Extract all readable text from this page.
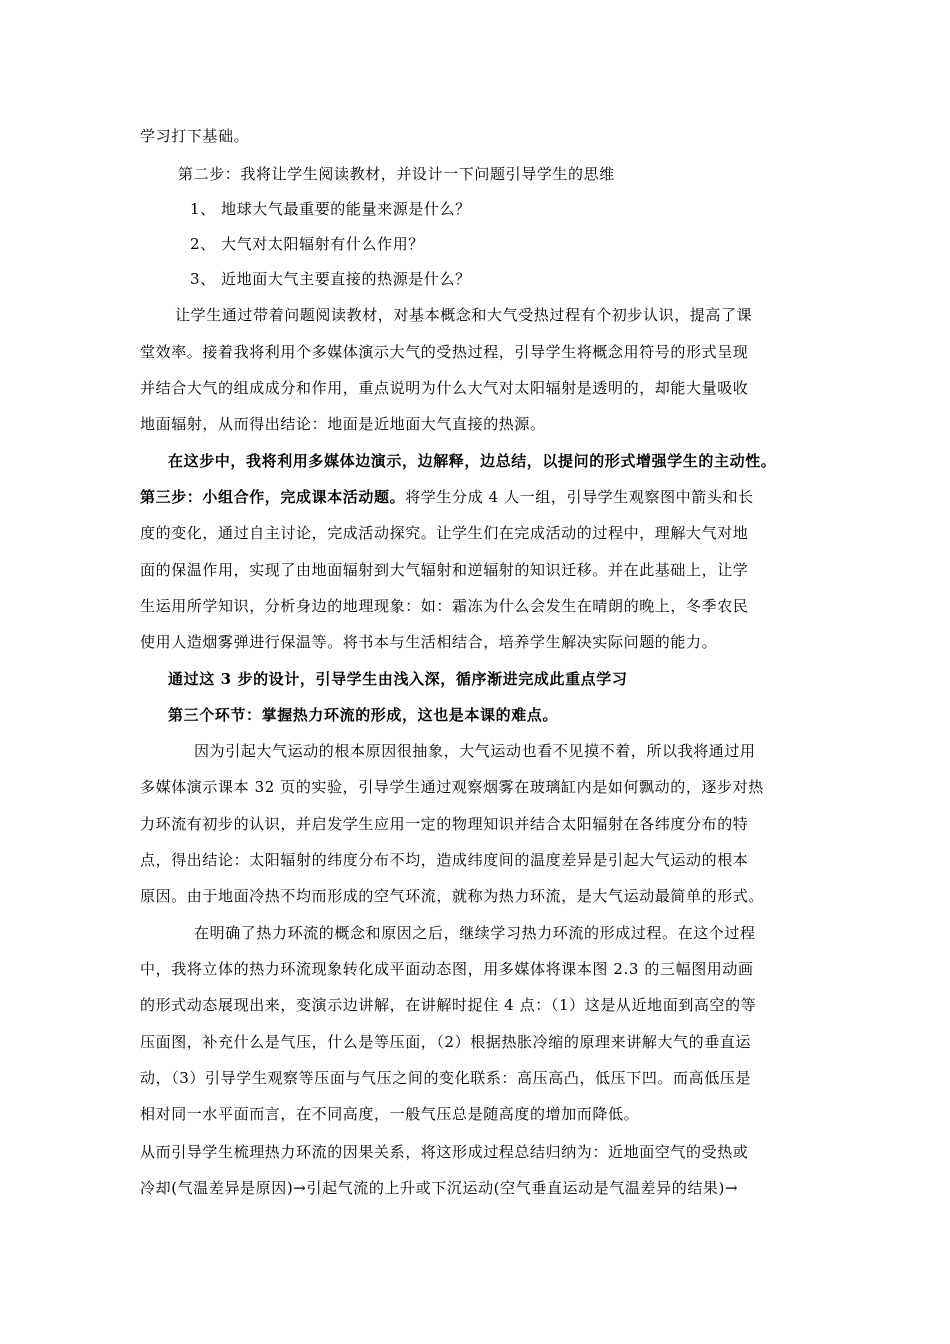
学习打下基础。
第二步：我将让学生阅读教材，并设计一下问题引导学生的思维
1、 地球大气最重要的能量来源是什么？
2、 大气对太阳辐射有什么作用？
3、 近地面大气主要直接的热源是什么？
让学生通过带着问题阅读教材，对基本概念和大气受热过程有个初步认识，提高了课
堂效率。接着我将利用个多媒体演示大气的受热过程，引导学生将概念用符号的形式呈现
并结合大气的组成成分和作用，重点说明为什么大气对太阳辐射是透明的，却能大量吸收
地面辐射，从而得出结论：地面是近地面大气直接的热源。
在这步中，我将利用多媒体边演示，边解释，边总结，以提问的形式增强学生的主动性。
第三步：小组合作，完成课本活动题。将学生分成 4 人一组，引导学生观察图中箭头和长
度的变化，通过自主讨论，完成活动探究。让学生们在完成活动的过程中，理解大气对地
面的保温作用，实现了由地面辐射到大气辐射和逆辐射的知识迁移。并在此基础上，让学
生运用所学知识，分析身边的地理现象：如：霜冻为什么会发生在晴朗的晚上，冬季农民
使用人造烟雾弹进行保温等。将书本与生活相结合，培养学生解决实际问题的能力。
通过这 3 步的设计，引导学生由浅入深，循序渐进完成此重点学习
第三个环节：掌握热力环流的形成，这也是本课的难点。
因为引起大气运动的根本原因很抽象，大气运动也看不见摸不着，所以我将通过用
多媒体演示课本 32 页的实验，引导学生通过观察烟雾在玻璃缸内是如何飘动的，逐步对热
力环流有初步的认识，并启发学生应用一定的物理知识并结合太阳辐射在各纬度分布的特
点，得出结论：太阳辐射的纬度分布不均，造成纬度间的温度差异是引起大气运动的根本
原因。由于地面冷热不均而形成的空气环流，就称为热力环流，是大气运动最简单的形式。
在明确了热力环流的概念和原因之后，继续学习热力环流的形成过程。在这个过程
中，我将立体的热力环流现象转化成平面动态图，用多媒体将课本图 2.3 的三幅图用动画
的形式动态展现出来，变演示边讲解，在讲解时捉住 4 点：（1）这是从近地面到高空的等
压面图，补充什么是气压，什么是等压面，（2）根据热胀冷缩的原理来讲解大气的垂直运
动，（3）引导学生观察等压面与气压之间的变化联系：高压高凸，低压下凹。而高低压是
相对同一水平面而言，在不同高度，一般气压总是随高度的增加而降低。
从而引导学生梳理热力环流的因果关系，将这形成过程总结归纳为：近地面空气的受热或
冷却(气温差异是原因)→引起气流的上升或下沉运动(空气垂直运动是气温差异的结果)→
